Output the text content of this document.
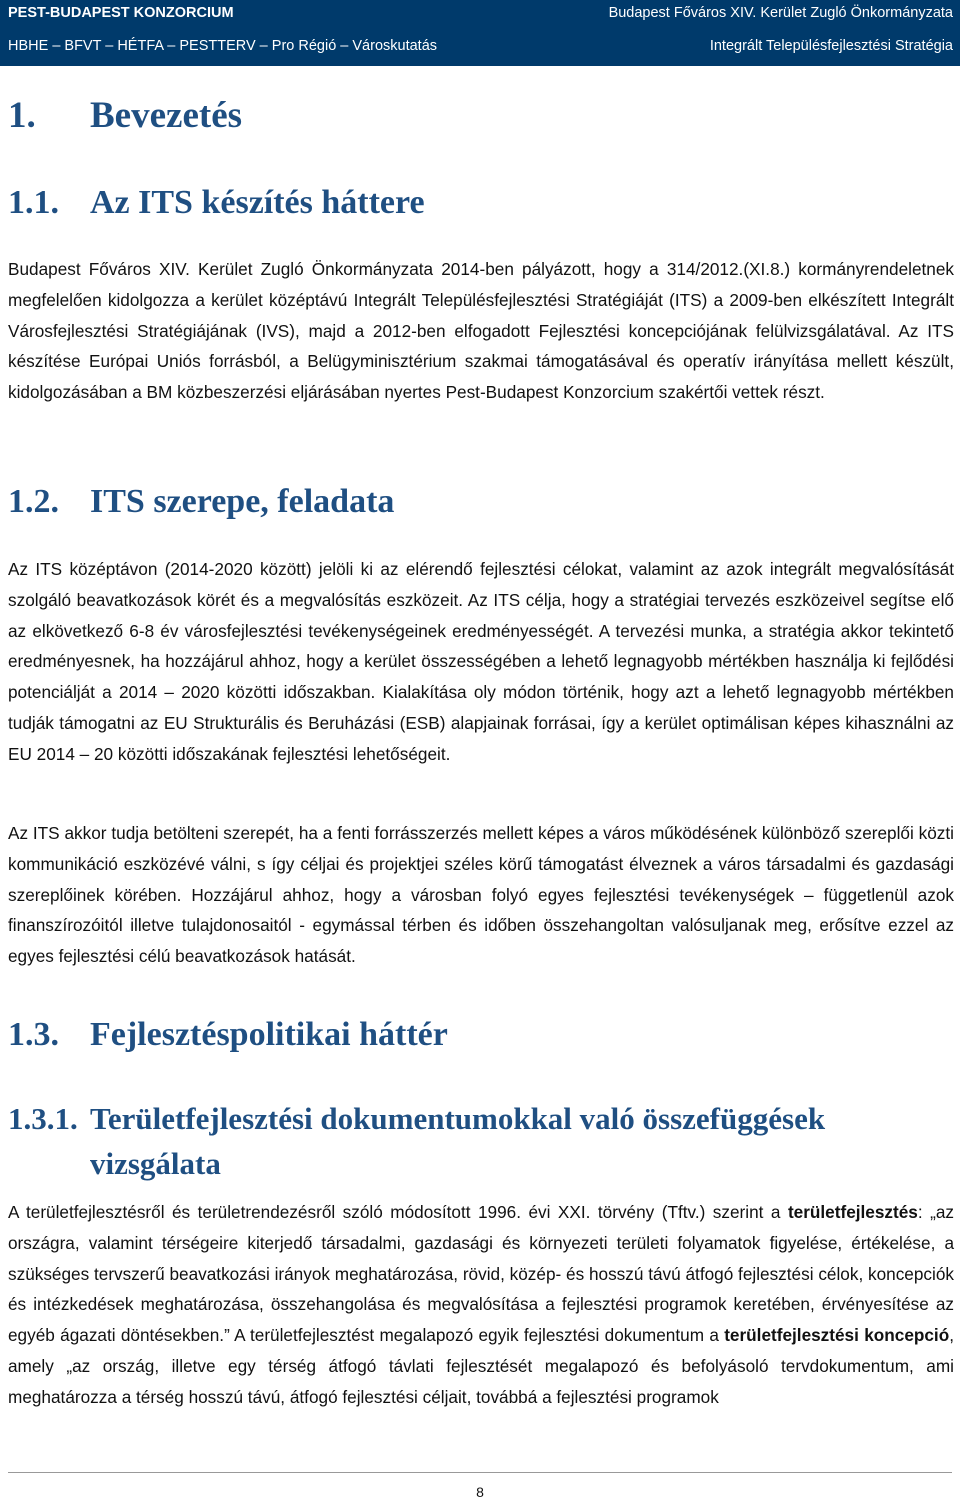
PEST-BUDAPEST KONZORCIUM	Budapest Főváros XIV. Kerület Zugló Önkormányzata
HBHE – BFVT – HÉTFA – PESTTERV – Pro Régió – Városkutatás	Integrált Településfejlesztési Stratégia
1. Bevezetés
1.1. Az ITS készítés háttere

Budapest Főváros XIV. Kerület Zugló Önkormányzata 2014-ben pályázott, hogy a 314/2012.(XI.8.) kormányrendeletnek megfelelően kidolgozza a kerület középtávú Integrált Településfejlesztési Stratégiáját (ITS) a 2009-ben elkészített Integrált Városfejlesztési Stratégiájának (IVS), majd a 2012-ben elfogadott Fejlesztési koncepciójának felülvizsgálatával. Az ITS készítése Európai Uniós forrásból, a Belügyminisztérium szakmai támogatásával és operatív irányítása mellett készült, kidolgozásában a BM közbeszerzési eljárásában nyertes Pest-Budapest Konzorcium szakértői vettek részt.

1.2. ITS szerepe, feladata

Az ITS középtávon (2014-2020 között) jelöli ki az elérendő fejlesztési célokat, valamint az azok integrált megvalósítását szolgáló beavatkozások körét és a megvalósítás eszközeit. Az ITS célja, hogy a stratégiai tervezés eszközeivel segítse elő az elkövetkező 6-8 év városfejlesztési tevékenységeinek eredményességét. A tervezési munka, a stratégia akkor tekintető eredményesnek, ha hozzájárul ahhoz, hogy a kerület összességében a lehető legnagyobb mértékben használja ki fejlődési potenciálját a 2014 – 2020 közötti időszakban. Kialakítása oly módon történik, hogy azt a lehető legnagyobb mértékben tudják támogatni az EU Strukturális és Beruházási (ESB) alapjainak forrásai, így a kerület optimálisan képes kihasználni az EU 2014 – 20 közötti időszakának fejlesztési lehetőségeit.

Az ITS akkor tudja betölteni szerepét, ha a fenti forrásszerzés mellett képes a város működésének különböző szereplői közti kommunikáció eszközévé válni, s így céljai és projektjei széles körű támogatást élveznek a város társadalmi és gazdasági szereplőinek körében. Hozzájárul ahhoz, hogy a városban folyó egyes fejlesztési tevékenységek – függetlenül azok finanszírozóitól illetve tulajdonosaitól - egymással térben és időben összehangoltan valósuljanak meg, erősítve ezzel az egyes fejlesztési célú beavatkozások hatását.

1.3. Fejlesztéspolitikai háttér
1.3.1. Területfejlesztési dokumentumokkal való összefüggések vizsgálata

A területfejlesztésről és területrendezésről szóló módosított 1996. évi XXI. törvény (Tftv.) szerint a területfejlesztés: „az országra, valamint térségeire kiterjedő társadalmi, gazdasági és környezeti területi folyamatok figyelése, értékelése, a szükséges tervszerű beavatkozási irányok meghatározása, rövid, közép- és hosszú távú átfogó fejlesztési célok, koncepciók és intézkedések meghatározása, összehangolása és megvalósítása a fejlesztési programok keretében, érvényesítése az egyéb ágazati döntésekben.” A területfejlesztést megalapozó egyik fejlesztési dokumentum a területfejlesztési koncepció, amely „az ország, illetve egy térség átfogó távlati fejlesztését megalapozó és befolyásoló tervdokumentum, ami meghatározza a térség hosszú távú, átfogó fejlesztési céljait, továbbá a fejlesztési programok

8
